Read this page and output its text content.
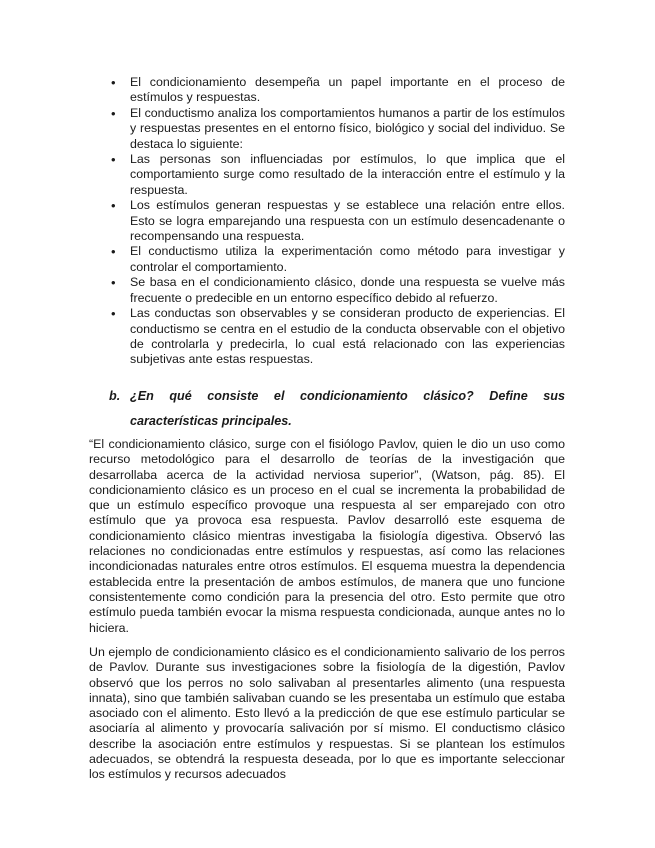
• El condicionamiento desempeña un papel importante en el proceso de estímulos y respuestas.
• El conductismo analiza los comportamientos humanos a partir de los estímulos y respuestas presentes en el entorno físico, biológico y social del individuo. Se destaca lo siguiente:
• Las personas son influenciadas por estímulos, lo que implica que el comportamiento surge como resultado de la interacción entre el estímulo y la respuesta.
• Los estímulos generan respuestas y se establece una relación entre ellos. Esto se logra emparejando una respuesta con un estímulo desencadenante o recompensando una respuesta.
• El conductismo utiliza la experimentación como método para investigar y controlar el comportamiento.
• Se basa en el condicionamiento clásico, donde una respuesta se vuelve más frecuente o predecible en un entorno específico debido al refuerzo.
• Las conductas son observables y se consideran producto de experiencias. El conductismo se centra en el estudio de la conducta observable con el objetivo de controlarla y predecirla, lo cual está relacionado con las experiencias subjetivas ante estas respuestas.
b. ¿En qué consiste el condicionamiento clásico? Define sus
características principales.

“El condicionamiento clásico, surge con el fisiólogo Pavlov, quien le dio un uso como recurso metodológico para el desarrollo de teorías de la investigación que desarrollaba acerca de la actividad nerviosa superior”, (Watson, pág. 85). El condicionamiento clásico es un proceso en el cual se incrementa la probabilidad de que un estímulo específico provoque una respuesta al ser emparejado con otro estímulo que ya provoca esa respuesta. Pavlov desarrolló este esquema de condicionamiento clásico mientras investigaba la fisiología digestiva. Observó las relaciones no condicionadas entre estímulos y respuestas, así como las relaciones incondicionadas naturales entre otros estímulos. El esquema muestra la dependencia establecida entre la presentación de ambos estímulos, de manera que uno funcione consistentemente como condición para la presencia del otro. Esto permite que otro estímulo pueda también evocar la misma respuesta condicionada, aunque antes no lo hiciera.

Un ejemplo de condicionamiento clásico es el condicionamiento salivario de los perros de Pavlov. Durante sus investigaciones sobre la fisiología de la digestión, Pavlov observó que los perros no solo salivaban al presentarles alimento (una respuesta innata), sino que también salivaban cuando se les presentaba un estímulo que estaba asociado con el alimento. Esto llevó a la predicción de que ese estímulo particular se asociaría al alimento y provocaría salivación por sí mismo. El conductismo clásico describe la asociación entre estímulos y respuestas. Si se plantean los estímulos adecuados, se obtendrá la respuesta deseada, por lo que es importante seleccionar los estímulos y recursos adecuados
